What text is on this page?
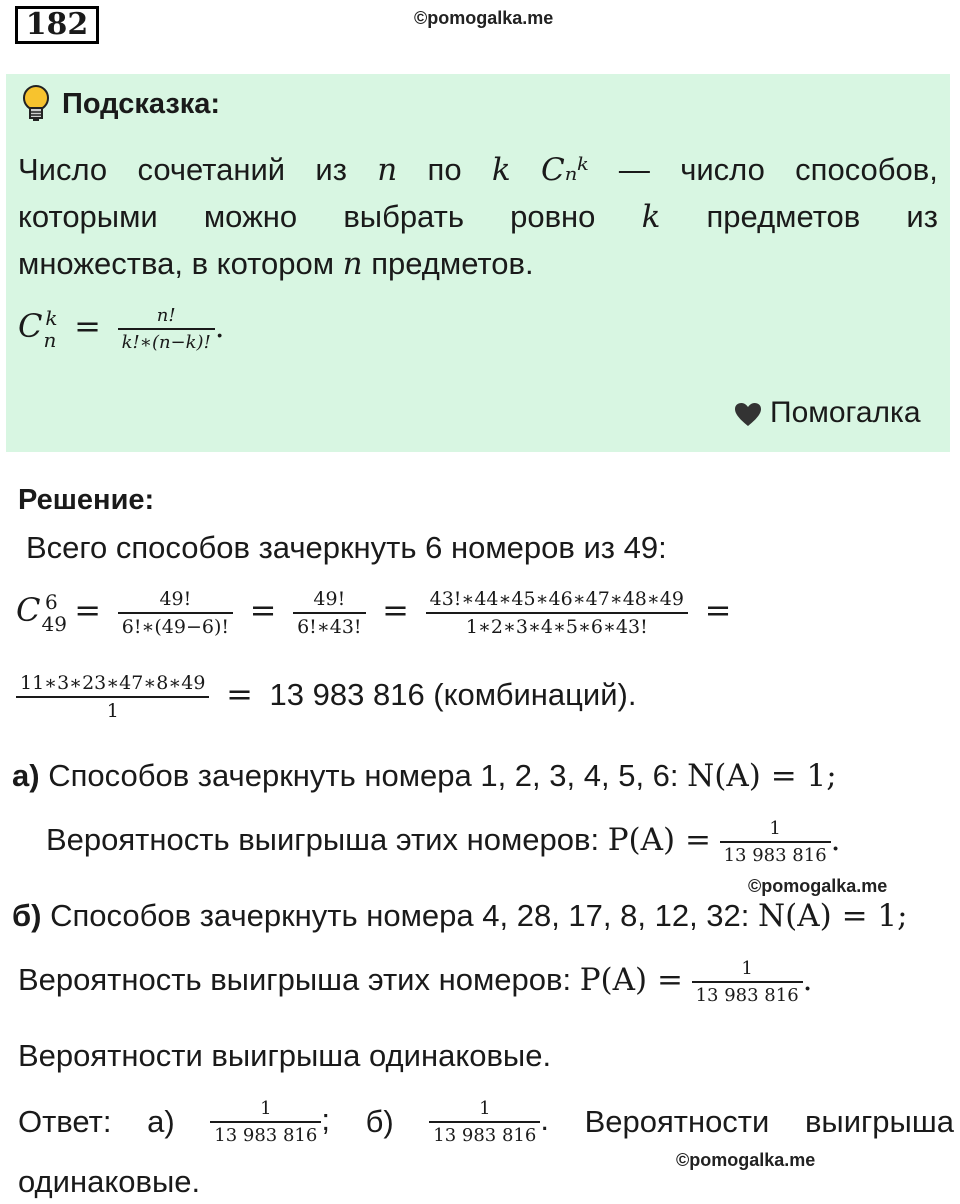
182	©pomogalka.me
Подсказка:
Число сочетаний из n по k Cₙᵏ — число способов,
которыми можно выбрать ровно k предметов из
множества, в котором n предметов.
$C_n^k = \frac{n!}{k!∗(n-k)!}$ .
Помогалка
Решение:
Всего способов зачеркнуть 6 номеров из 49:
$C_{49}^6 = \frac{49!}{6!∗(49-6)!} = \frac{49!}{6!∗43!} = \frac{43!∗44∗45∗46∗47∗48∗49}{1∗2∗3∗4∗5∗6∗43!}$ =
$\frac{11∗3∗23∗47∗8∗49}{1} = 13$ 983 816 (комбинаций).
а) Способов зачеркнуть номера 1, 2, 3, 4, 5, 6: N(A) = 1;
Вероятность выигрыша этих номеров: $P(A) = \frac{1}{13 983 816}$ .
©pomogalka.me
б) Способов зачеркнуть номера 4, 28, 17, 8, 12, 32: N(A) = 1;
Вероятность выигрыша этих номеров: $P(A) = \frac{1}{13 983 816}$ .
Вероятности выигрыша одинаковые.
Ответ: $а) \frac{1}{13 983 816}$ ; $б) \frac{1}{13 983 816}$ . Вероятности выигрыша
©pomogalka.me
одинаковые.
